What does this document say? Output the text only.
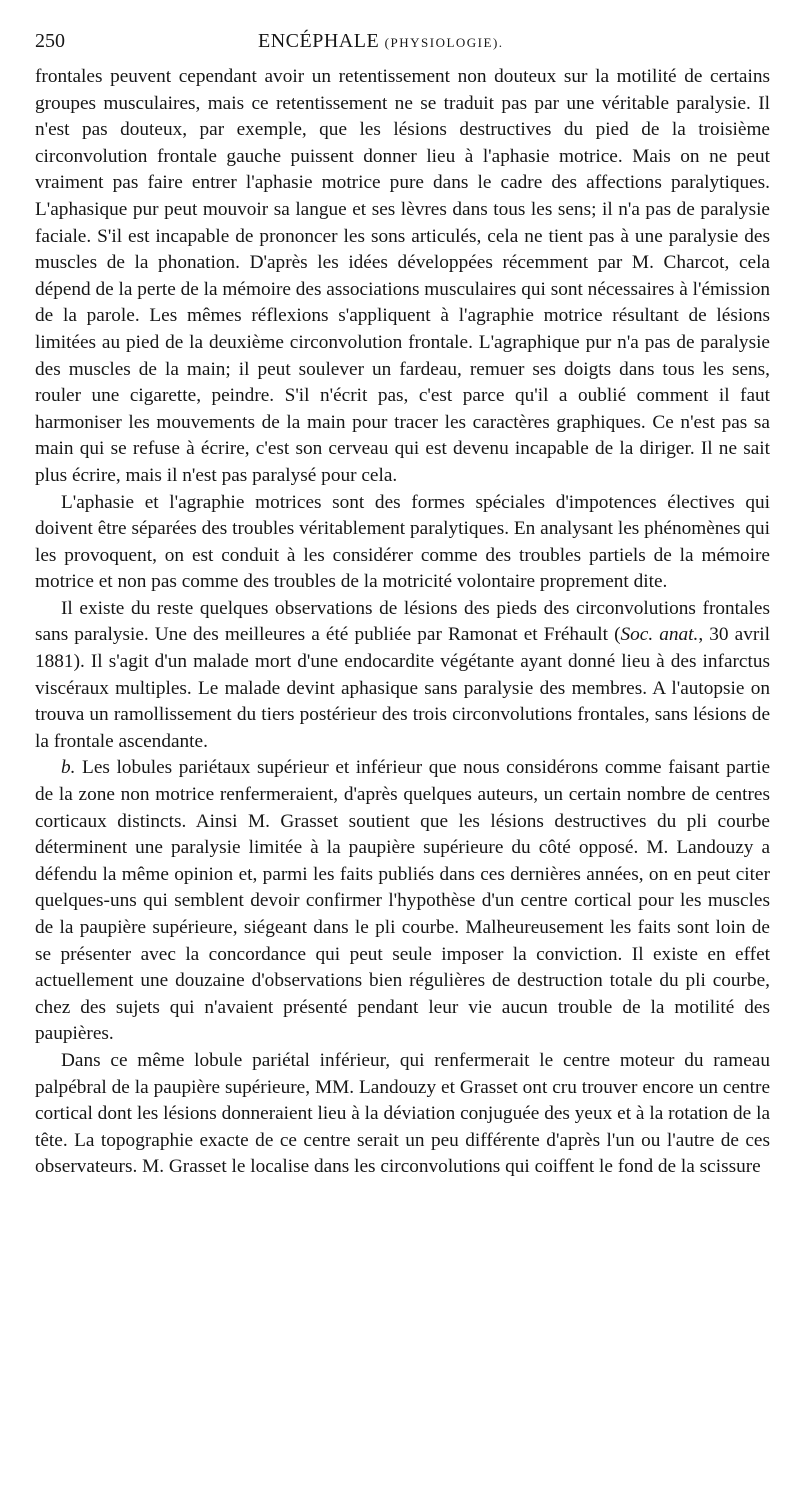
250	ENCÉPHALE (PHYSIOLOGIE).

frontales peuvent cependant avoir un retentissement non douteux sur la motilité de certains groupes musculaires, mais ce retentissement ne se traduit pas par une véritable paralysie. Il n'est pas douteux, par exemple, que les lésions destructives du pied de la troisième circonvolution frontale gauche puissent donner lieu à l'aphasie motrice. Mais on ne peut vraiment pas faire entrer l'aphasie motrice pure dans le cadre des affections paralytiques. L'aphasique pur peut mouvoir sa langue et ses lèvres dans tous les sens; il n'a pas de paralysie faciale. S'il est incapable de prononcer les sons articulés, cela ne tient pas à une paralysie des muscles de la phonation. D'après les idées développées récemment par M. Charcot, cela dépend de la perte de la mémoire des associations musculaires qui sont nécessaires à l'émission de la parole. Les mêmes réflexions s'appliquent à l'agraphie motrice résultant de lésions limitées au pied de la deuxième circonvolution frontale. L'agraphique pur n'a pas de paralysie des muscles de la main; il peut soulever un fardeau, remuer ses doigts dans tous les sens, rouler une cigarette, peindre. S'il n'écrit pas, c'est parce qu'il a oublié comment il faut harmoniser les mouvements de la main pour tracer les caractères graphiques. Ce n'est pas sa main qui se refuse à écrire, c'est son cerveau qui est devenu incapable de la diriger. Il ne sait plus écrire, mais il n'est pas paralysé pour cela.

L'aphasie et l'agraphie motrices sont des formes spéciales d'impotences électives qui doivent être séparées des troubles véritablement paralytiques. En analysant les phénomènes qui les provoquent, on est conduit à les considérer comme des troubles partiels de la mémoire motrice et non pas comme des troubles de la motricité volontaire proprement dite.

Il existe du reste quelques observations de lésions des pieds des circonvolutions frontales sans paralysie. Une des meilleures a été publiée par Ramonat et Fréhault (Soc. anat., 30 avril 1881). Il s'agit d'un malade mort d'une endocardite végétante ayant donné lieu à des infarctus viscéraux multiples. Le malade devint aphasique sans paralysie des membres. A l'autopsie on trouva un ramollissement du tiers postérieur des trois circonvolutions frontales, sans lésions de la frontale ascendante.

b. Les lobules pariétaux supérieur et inférieur que nous considérons comme faisant partie de la zone non motrice renfermeraient, d'après quelques auteurs, un certain nombre de centres corticaux distincts. Ainsi M. Grasset soutient que les lésions destructives du pli courbe déterminent une paralysie limitée à la paupière supérieure du côté opposé. M. Landouzy a défendu la même opinion et, parmi les faits publiés dans ces dernières années, on en peut citer quelques-uns qui semblent devoir confirmer l'hypothèse d'un centre cortical pour les muscles de la paupière supérieure, siégeant dans le pli courbe. Malheureusement les faits sont loin de se présenter avec la concordance qui peut seule imposer la conviction. Il existe en effet actuellement une douzaine d'observations bien régulières de destruction totale du pli courbe, chez des sujets qui n'avaient présenté pendant leur vie aucun trouble de la motilité des paupières.

Dans ce même lobule pariétal inférieur, qui renfermerait le centre moteur du rameau palpébral de la paupière supérieure, MM. Landouzy et Grasset ont cru trouver encore un centre cortical dont les lésions donneraient lieu à la déviation conjuguée des yeux et à la rotation de la tête. La topographie exacte de ce centre serait un peu différente d'après l'un ou l'autre de ces observateurs. M. Grasset le localise dans les circonvolutions qui coiffent le fond de la scissure
